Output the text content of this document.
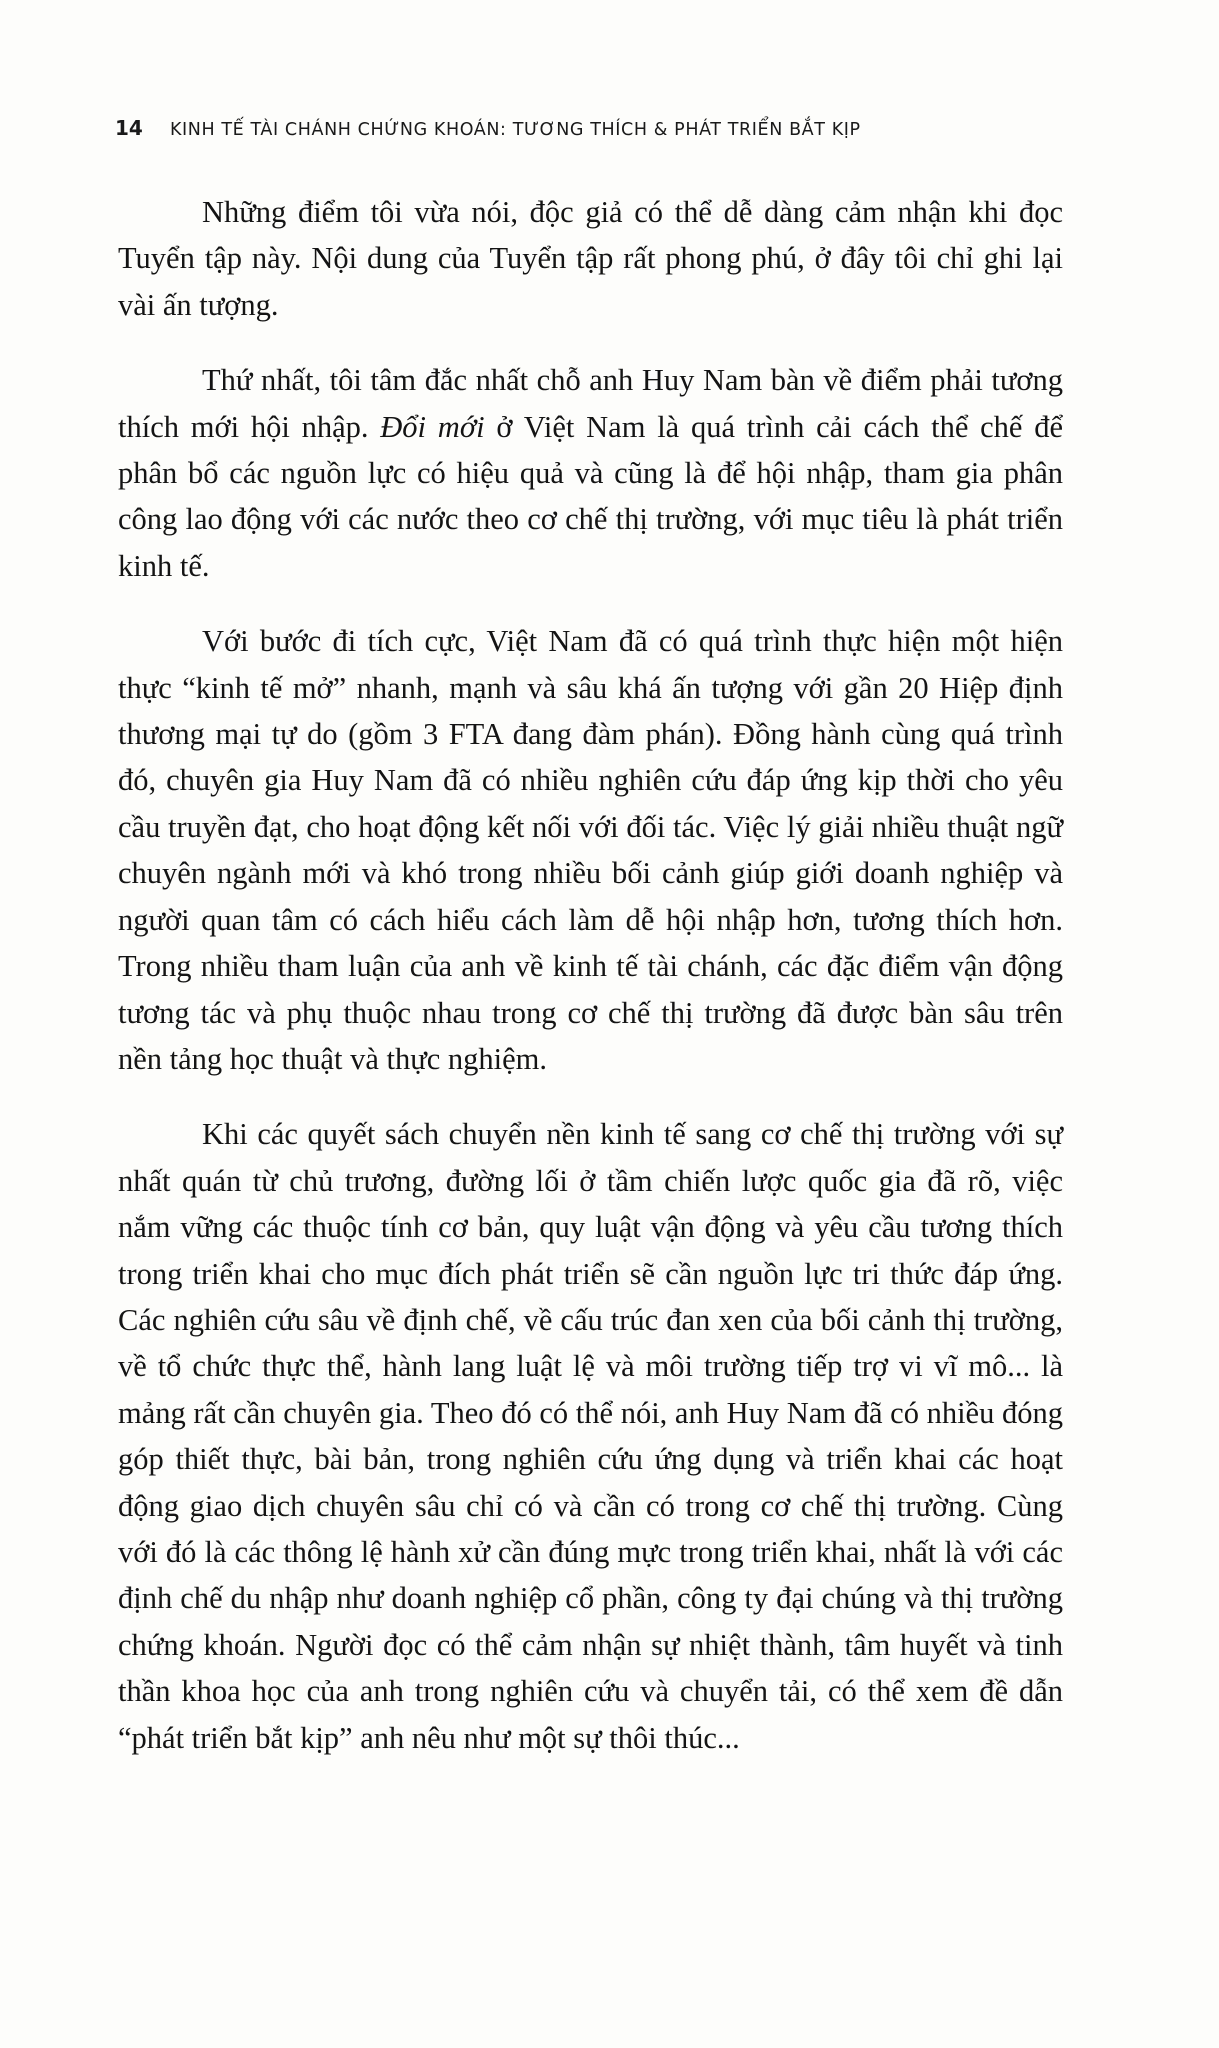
14 KINH TẾ TÀI CHÁNH CHỨNG KHOÁN: TƯƠNG THÍCH & PHÁT TRIỂN BẮT KỊP

Những điểm tôi vừa nói, độc giả có thể dễ dàng cảm nhận khi đọc Tuyển tập này. Nội dung của Tuyển tập rất phong phú, ở đây tôi chỉ ghi lại vài ấn tượng.

Thứ nhất, tôi tâm đắc nhất chỗ anh Huy Nam bàn về điểm phải tương thích mới hội nhập. Đổi mới ở Việt Nam là quá trình cải cách thể chế để phân bổ các nguồn lực có hiệu quả và cũng là để hội nhập, tham gia phân công lao động với các nước theo cơ chế thị trường, với mục tiêu là phát triển kinh tế.

Với bước đi tích cực, Việt Nam đã có quá trình thực hiện một hiện thực “kinh tế mở” nhanh, mạnh và sâu khá ấn tượng với gần 20 Hiệp định thương mại tự do (gồm 3 FTA đang đàm phán). Đồng hành cùng quá trình đó, chuyên gia Huy Nam đã có nhiều nghiên cứu đáp ứng kịp thời cho yêu cầu truyền đạt, cho hoạt động kết nối với đối tác. Việc lý giải nhiều thuật ngữ chuyên ngành mới và khó trong nhiều bối cảnh giúp giới doanh nghiệp và người quan tâm có cách hiểu cách làm dễ hội nhập hơn, tương thích hơn. Trong nhiều tham luận của anh về kinh tế tài chánh, các đặc điểm vận động tương tác và phụ thuộc nhau trong cơ chế thị trường đã được bàn sâu trên nền tảng học thuật và thực nghiệm.

Khi các quyết sách chuyển nền kinh tế sang cơ chế thị trường với sự nhất quán từ chủ trương, đường lối ở tầm chiến lược quốc gia đã rõ, việc nắm vững các thuộc tính cơ bản, quy luật vận động và yêu cầu tương thích trong triển khai cho mục đích phát triển sẽ cần nguồn lực tri thức đáp ứng. Các nghiên cứu sâu về định chế, về cấu trúc đan xen của bối cảnh thị trường, về tổ chức thực thể, hành lang luật lệ và môi trường tiếp trợ vi vĩ mô... là mảng rất cần chuyên gia. Theo đó có thể nói, anh Huy Nam đã có nhiều đóng góp thiết thực, bài bản, trong nghiên cứu ứng dụng và triển khai các hoạt động giao dịch chuyên sâu chỉ có và cần có trong cơ chế thị trường. Cùng với đó là các thông lệ hành xử cần đúng mực trong triển khai, nhất là với các định chế du nhập như doanh nghiệp cổ phần, công ty đại chúng và thị trường chứng khoán. Người đọc có thể cảm nhận sự nhiệt thành, tâm huyết và tinh thần khoa học của anh trong nghiên cứu và chuyển tải, có thể xem đề dẫn “phát triển bắt kịp” anh nêu như một sự thôi thúc...
